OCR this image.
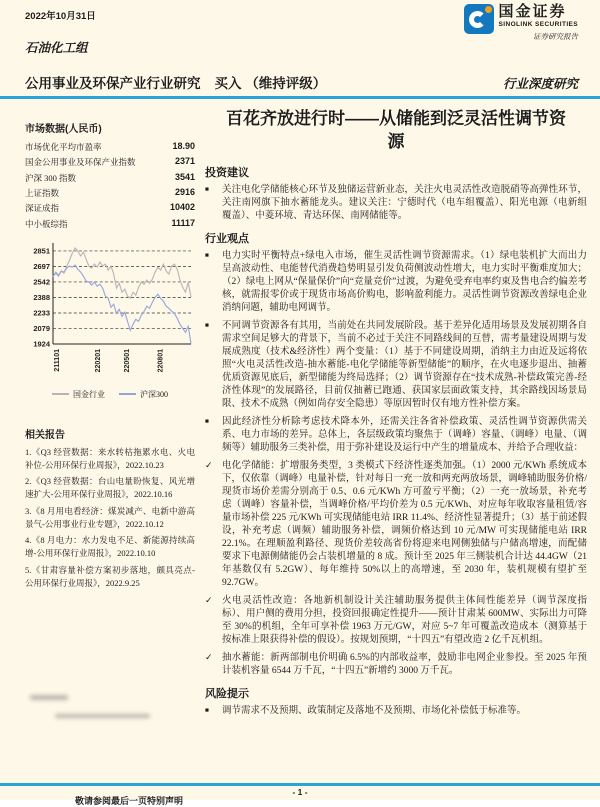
2022年10月31日	国金证券
SINOLINK SECURITIES
证券研究报告
石油化工组
公用事业及环保产业行业研究 买入 （维持评级）	行业深度研究
市场数据(人民币)
市场优化平均市盈率	18.90
国金公用事业及环保产业指数	2371
沪深 300 指数	3541
上证指数	2916
深证成指	10402
中小板综指	11117
2851
2697
2542
2388
2233
2079
1924
211101	220201	220501	220801
国金行业	沪深300
相关报告
1.《Q3 经营数据：来水转枯拖累水电、火电补位-公用环保行业周报》，2022.10.23
2.《Q3 经营数据：台山电量盼恢复、风光增速扩大-公用环保行业周报》，2022.10.16
3.《8 月用电看经济：煤炭减产、电新中游高景气-公用事业行业专题》，2022.10.12
4.《8 月电力：水力发电不足、新能源持续高增-公用环保行业周报》，2022.10.10
5.《甘肃容量补偿方案初步落地，颇具亮点-公用环保行业周报》，2022.9.25
百花齐放进行时——从储能到泛灵活性调节资源
投资建议
■	关注电化学储能核心环节及独储运营新业态，关注火电灵活性改造脱硝等高弹性环节，关注南网旗下抽水蓄能龙头。建议关注：宁德时代（电车组覆盖）、阳光电源（电新组覆盖）、中菱环境、青达环保、南网储能等。

行业观点
■	电力实时平衡特点+绿电入市场，催生灵活性调节资源需求。（1）绿电装机扩大而出力呈高波动性、电能替代消费趋势明显引发负荷侧波动性增大，电力实时平衡难度加大；（2）绿电上网从“保量保价”向“竞量竞价”过渡，为避免受弃电率约束及售电合约偏差考核，就需报零价或于现货市场高价购电，影响盈利能力。灵活性调节资源改善绿电企业消纳问题，辅助电网调节。

■	不同调节资源各有其用，当前处在共同发展阶段。基于差异化适用场景及发展初期各自需求空间足够大的背景下，当前不必过于关注不同路线间的互替，需考量建设周期与发展成熟度（技术&经济性）两个变量：（1）基于不同建设周期，消纳主力由近及远将依照“火电灵活性改造-抽水蓄能-电化学储能等新型储能”的顺序，在火电逐步退出、抽蓄优质资源见底后，新型储能为终局选择；（2）调节资源存在“技术成熟-补偿政策完善-经济性体现”的发展路径，目前仅抽蓄已跑通、获国家层面政策支持，其余路线因场景局限、技术不成熟（例如尚存安全隐患）等原因暂时仅有地方性补偿方案。

■	因此经济性分析除考虑技术降本外，还需关注各省补偿政策、灵活性调节资源供需关系、电力市场的差异。总体上，各层级政策均聚焦于（调峰）容量、（调峰）电量、（调频等）辅助服务三类补偿，用于弥补建设及运行中产生的增量成本、并给予合理收益：

✓ 电化学储能：扩增服务类型，3 类模式下经济性逐类加强。（1）2000 元/KWh 系统成本下，仅依靠（调峰）电量补偿，针对每日一充一放和两充两放场景，调峰辅助服务价格/现货市场价差需分别高于 0.5、0.6 元/KWh 方可盈亏平衡；（2）一充一放场景，补充考虑（调峰）容量补偿，当调峰价格/平均价差为 0.5 元/KWh、对应每年收取容量租赁/容量市场补偿 225 元/KWh 可实现储能电站 IRR 11.4%、经济性显著提升；（3）基于前述假设，补充考虑（调频）辅助服务补偿，调频价格达到 10 元/MW 可实现储能电站 IRR 22.1%。在理顺盈利路径、现货价差较高省份将迎来电网侧独储与户储高增速，而配储要求下电源侧储能仍会占装机增量的 8 成。预计至 2025 年三侧装机合计达 44.4GW（21 年基数仅有 5.2GW）、每年维持 50%以上的高增速，至 2030 年，装机规模有望扩至 92.7GW。

✓ 火电灵活性改造：各地新机制设计关注辅助服务提供主体间性能差异（调节深度指标）、用户侧的费用分担，投资回报确定性提升——预计甘肃某 600MW、实际出力可降至 30%的机组，全年可享补偿 1963 万元/GW，对应 5~7 年可覆盖改造成本（测算基于按标准上限获得补偿的假设）。按规划预期，“十四五”有望改造 2 亿千瓦机组。

✓ 抽水蓄能：新两部制电价明确 6.5%的内部收益率，鼓励非电网企业参投。至 2025 年预计装机容量 6544 万千瓦，“十四五”新增约 3000 万千瓦。

风险提示
■	调节需求不及预期、政策制定及落地不及预期、市场化补偿低于标准等。

- 1 -
敬请参阅最后一页特别声明
